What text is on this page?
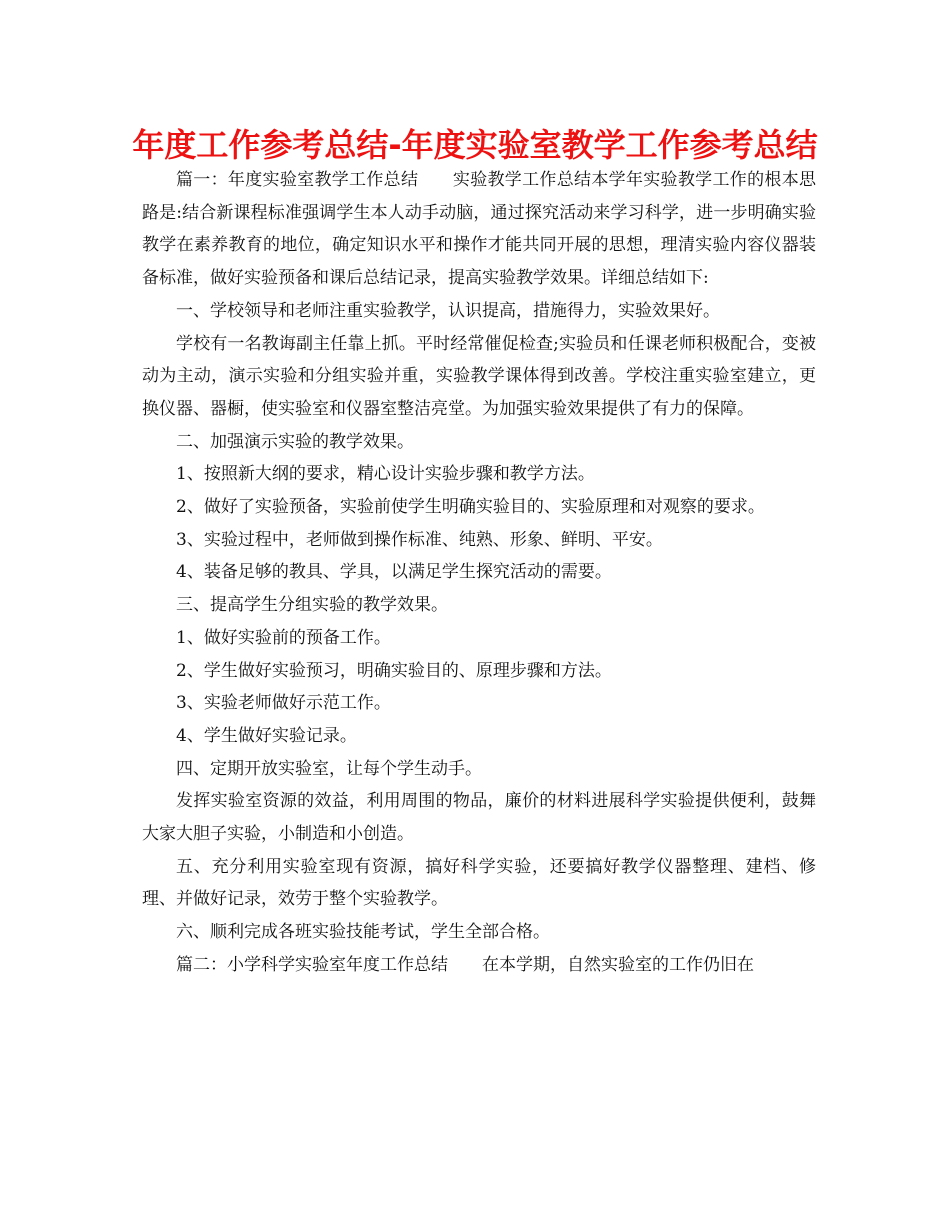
年度工作参考总结-年度实验室教学工作参考总结

篇一：年度实验室教学工作总结　　实验教学工作总结本学年实验教学工作的根本思路是:结合新课程标准强调学生本人动手动脑，通过探究活动来学习科学，进一步明确实验教学在素养教育的地位，确定知识水平和操作才能共同开展的思想，理清实验内容仪器装备标准，做好实验预备和课后总结记录，提高实验教学效果。详细总结如下:

一、学校领导和老师注重实验教学，认识提高，措施得力，实验效果好。

学校有一名教诲副主任靠上抓。平时经常催促检查;实验员和任课老师积极配合，变被动为主动，演示实验和分组实验并重，实验教学课体得到改善。学校注重实验室建立，更换仪器、器橱，使实验室和仪器室整洁亮堂。为加强实验效果提供了有力的保障。

二、加强演示实验的教学效果。

1、按照新大纲的要求，精心设计实验步骤和教学方法。

2、做好了实验预备，实验前使学生明确实验目的、实验原理和对观察的要求。

3、实验过程中，老师做到操作标准、纯熟、形象、鲜明、平安。

4、装备足够的教具、学具，以满足学生探究活动的需要。

三、提高学生分组实验的教学效果。

1、做好实验前的预备工作。

2、学生做好实验预习，明确实验目的、原理步骤和方法。

3、实验老师做好示范工作。

4、学生做好实验记录。

四、定期开放实验室，让每个学生动手。

发挥实验室资源的效益，利用周围的物品，廉价的材料进展科学实验提供便利，鼓舞大家大胆子实验，小制造和小创造。

五、充分利用实验室现有资源，搞好科学实验，还要搞好教学仪器整理、建档、修理、并做好记录，效劳于整个实验教学。

六、顺利完成各班实验技能考试，学生全部合格。

篇二：小学科学实验室年度工作总结　　在本学期，自然实验室的工作仍旧在
